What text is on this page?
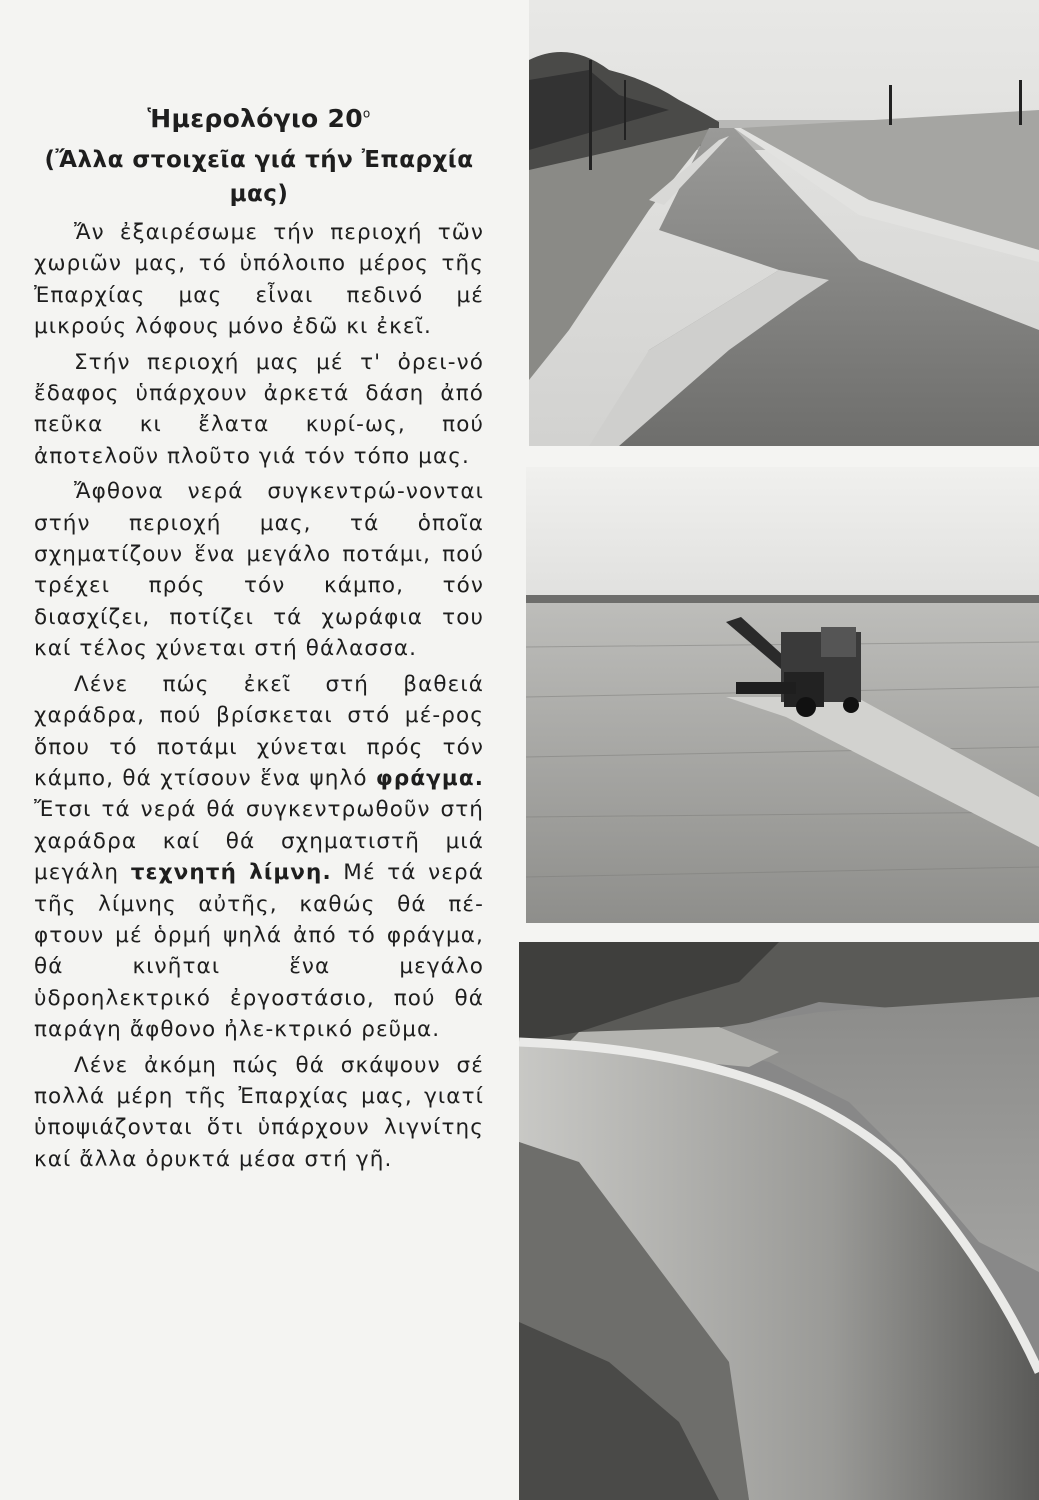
Ἡμερολόγιο $20^o$
(Ἄλλα στοιχεῖα γιά τήν Ἐπαρχία μας)

Ἄν ἐξαιρέσωμε τήν περιοχή τῶν χωριῶν μας, τό ὑπόλοιπο μέρος τῆς Ἐπαρχίας μας εἶναι πεδινό μέ μικρούς λόφους μόνο ἐδῶ κι ἐκεῖ.

Στήν περιοχή μας μέ τ' ὀρει-νό ἔδαφος ὑπάρχουν ἀρκετά δάση ἀπό πεῦκα κι ἔλατα κυρί-ως, πού ἀποτελοῦν πλοῦτο γιά τόν τόπο μας.

Ἄφθονα νερά συγκεντρώ-νονται στήν περιοχή μας, τά ὁποῖα σχηματίζουν ἕνα μεγάλο ποτάμι, πού τρέχει πρός τόν κάμπο, τόν διασχίζει, ποτίζει τά χωράφια του καί τέλος χύνεται στή θάλασσα.

Λένε πώς ἐκεῖ στή βαθειά χαράδρα, πού βρίσκεται στό μέ-ρος ὅπου τό ποτάμι χύνεται πρός τόν κάμπο, θά χτίσουν ἕνα ψηλό φράγμα. Ἔτσι τά νερά θά συγκεντρωθοῦν στή χαράδρα καί θά σχηματιστῆ μιά μεγάλη τεχνητή λίμνη. Μέ τά νερά τῆς λίμνης αὐτῆς, καθώς θά πέ-φτουν μέ ὁρμή ψηλά ἀπό τό φράγμα, θά κινῆται ἕνα μεγάλο ὑδροηλεκτρικό ἐργοστάσιο, πού θά παράγη ἄφθονο ἠλε-κτρικό ρεῦμα.

Λένε ἀκόμη πώς θά σκάψουν σέ πολλά μέρη τῆς Ἐπαρχίας μας, γιατί ὑποψιάζονται ὅτι ὑπάρχουν λιγνίτης καί ἄλλα ὀρυκτά μέσα στή γῆ.
